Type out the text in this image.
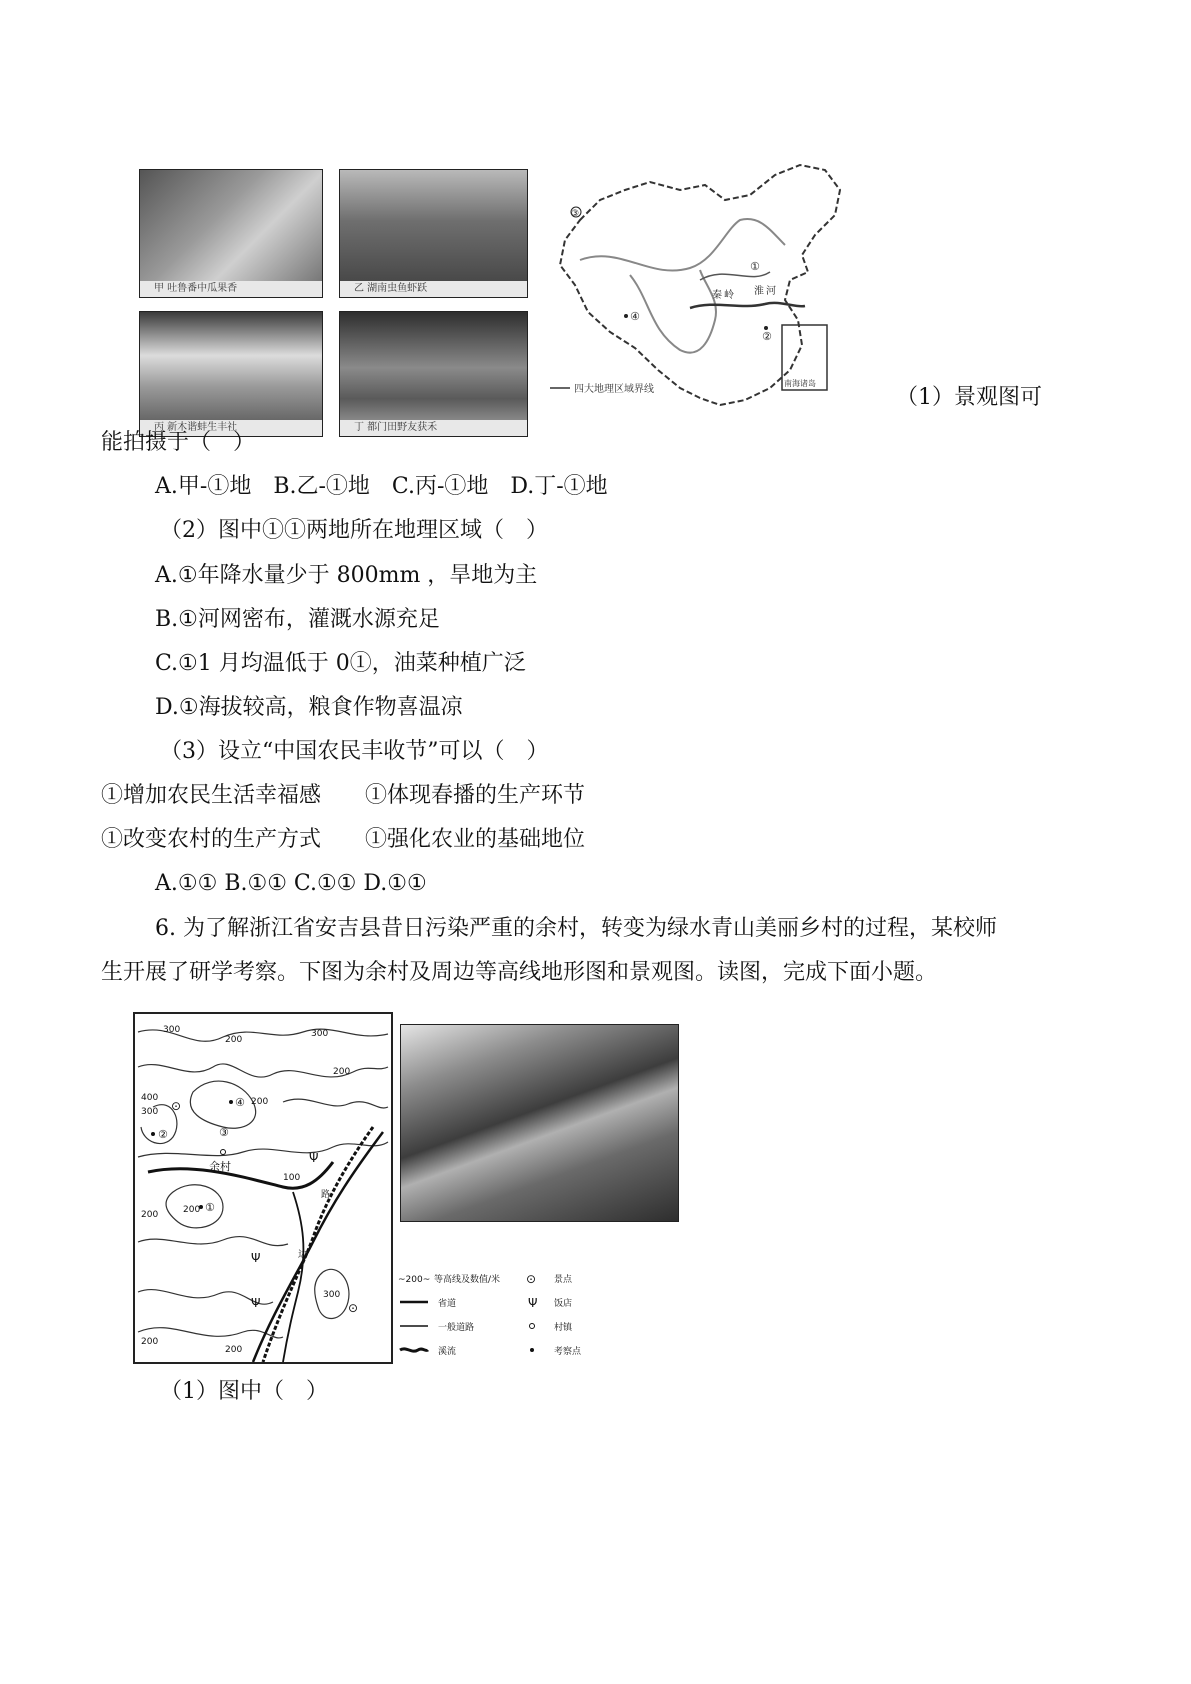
甲 吐鲁番中瓜果香	乙 湖南虫鱼虾跃
丙 新木谐蚌生丰社	丁 都门田野友获禾
③
①
②
④
秦 岭 淮 河
四大地理区域界线
南海诸岛
（1）景观图可
能拍摄于（　）
A.甲-①地　B.乙-①地　C.丙-①地　D.丁-①地
（2）图中①①两地所在地理区域（　）
A.①年降水量少于 800mm ，旱地为主
B.①河网密布，灌溉水源充足
C.①1 月均温低于 0①，油菜种植广泛
D.①海拔较高，粮食作物喜温凉
（3）设立“中国农民丰收节”可以（　）
①增加农民生活幸福感　　①体现春播的生产环节
①改变农村的生产方式　　①强化农业的基础地位
A.①① B.①① C.①① D.①①
6. 为了解浙江省安吉县昔日污染严重的余村，转变为绿水青山美丽乡村的过程，某校师
生开展了研学考察。下图为余村及周边等高线地形图和景观图。读图，完成下面小题。
余村
①
②	③
④
⊙
⊙
Ψ
Ψ
Ψ
路
边
300
200
300
200
400
300
200
100
200	200
300
200
200
~200~ 等高线及数值/米
省道
一般道路
溪流
⊙ 景点
Ψ 饭店
村镇
考察点
（1）图中（　）
